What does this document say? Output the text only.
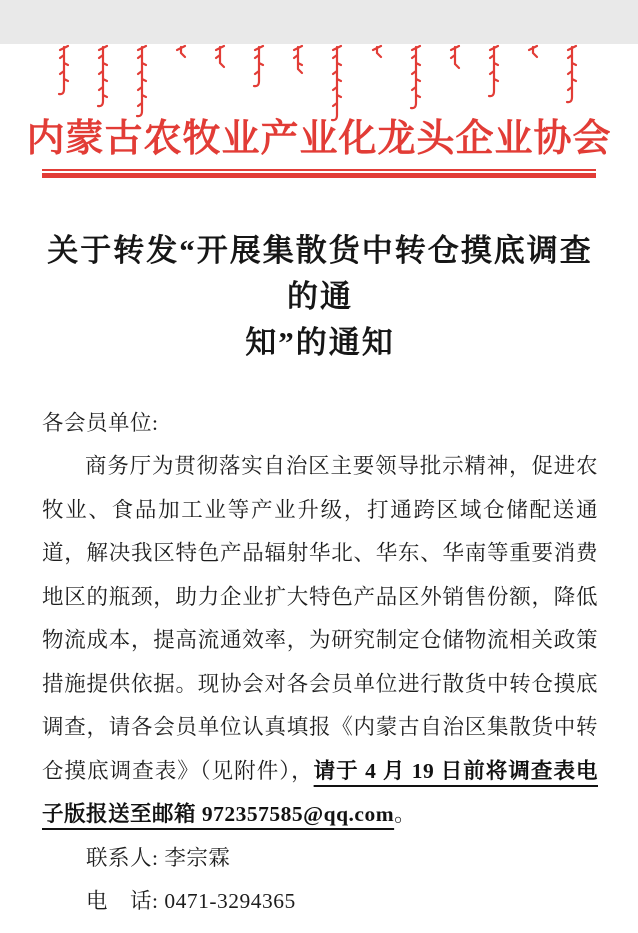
内蒙古农牧业产业化龙头企业协会
关于转发“开展集散货中转仓摸底调查的通
知”的通知

各会员单位:

商务厅为贯彻落实自治区主要领导批示精神，促进农牧业、食品加工业等产业升级，打通跨区域仓储配送通道，解决我区特色产品辐射华北、华东、华南等重要消费地区的瓶颈，助力企业扩大特色产品区外销售份额，降低物流成本，提高流通效率，为研究制定仓储物流相关政策措施提供依据。现协会对各会员单位进行散货中转仓摸底调查，请各会员单位认真填报《内蒙古自治区集散货中转仓摸底调查表》（见附件），请于 4 月 19 日前将调查表电子版报送至邮箱 972357585@qq.com。

联系人: 李宗霖

电　话: 0471-3294365
